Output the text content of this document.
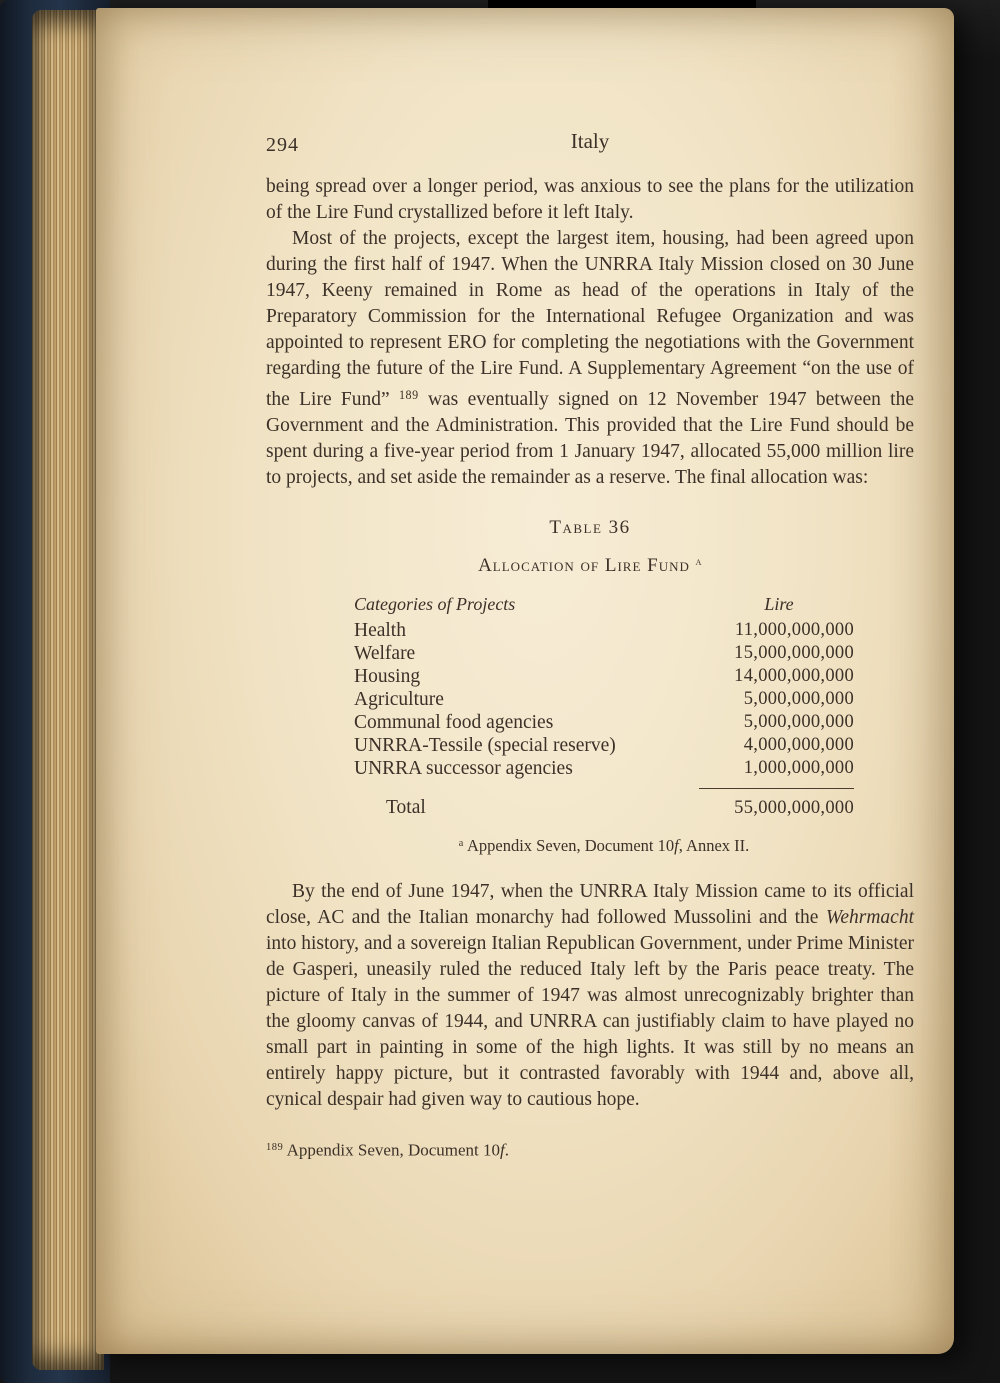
294	Italy

being spread over a longer period, was anxious to see the plans for the utilization of the Lire Fund crystallized before it left Italy.

Most of the projects, except the largest item, housing, had been agreed upon during the first half of 1947. When the UNRRA Italy Mission closed on 30 June 1947, Keeny remained in Rome as head of the operations in Italy of the Preparatory Commission for the International Refugee Organization and was appointed to represent ERO for completing the negotiations with the Government regarding the future of the Lire Fund. A Supplementary Agreement “on the use of the Lire Fund” $^{189}$ was eventually signed on 12 November 1947 between the Government and the Administration. This provided that the Lire Fund should be spent during a five-year period from 1 January 1947, allocated 55,000 million lire to projects, and set aside the remainder as a reserve. The final allocation was:

Table 36
Allocation of Lire Fund $^a$
Categories of Projects	Lire
Health	11,000,000,000
Welfare	15,000,000,000
Housing	14,000,000,000
Agriculture	5,000,000,000
Communal food agencies	5,000,000,000
UNRRA-Tessile (special reserve)	4,000,000,000
UNRRA successor agencies	1,000,000,000
Total	55,000,000,000
$^a$ Appendix Seven, Document 10f, Annex II.

By the end of June 1947, when the UNRRA Italy Mission came to its official close, AC and the Italian monarchy had followed Mussolini and the Wehrmacht into history, and a sovereign Italian Republican Government, under Prime Minister de Gasperi, uneasily ruled the reduced Italy left by the Paris peace treaty. The picture of Italy in the summer of 1947 was almost unrecognizably brighter than the gloomy canvas of 1944, and UNRRA can justifiably claim to have played no small part in painting in some of the high lights. It was still by no means an entirely happy picture, but it contrasted favorably with 1944 and, above all, cynical despair had given way to cautious hope.

$^{189}$ Appendix Seven, Document 10f.
